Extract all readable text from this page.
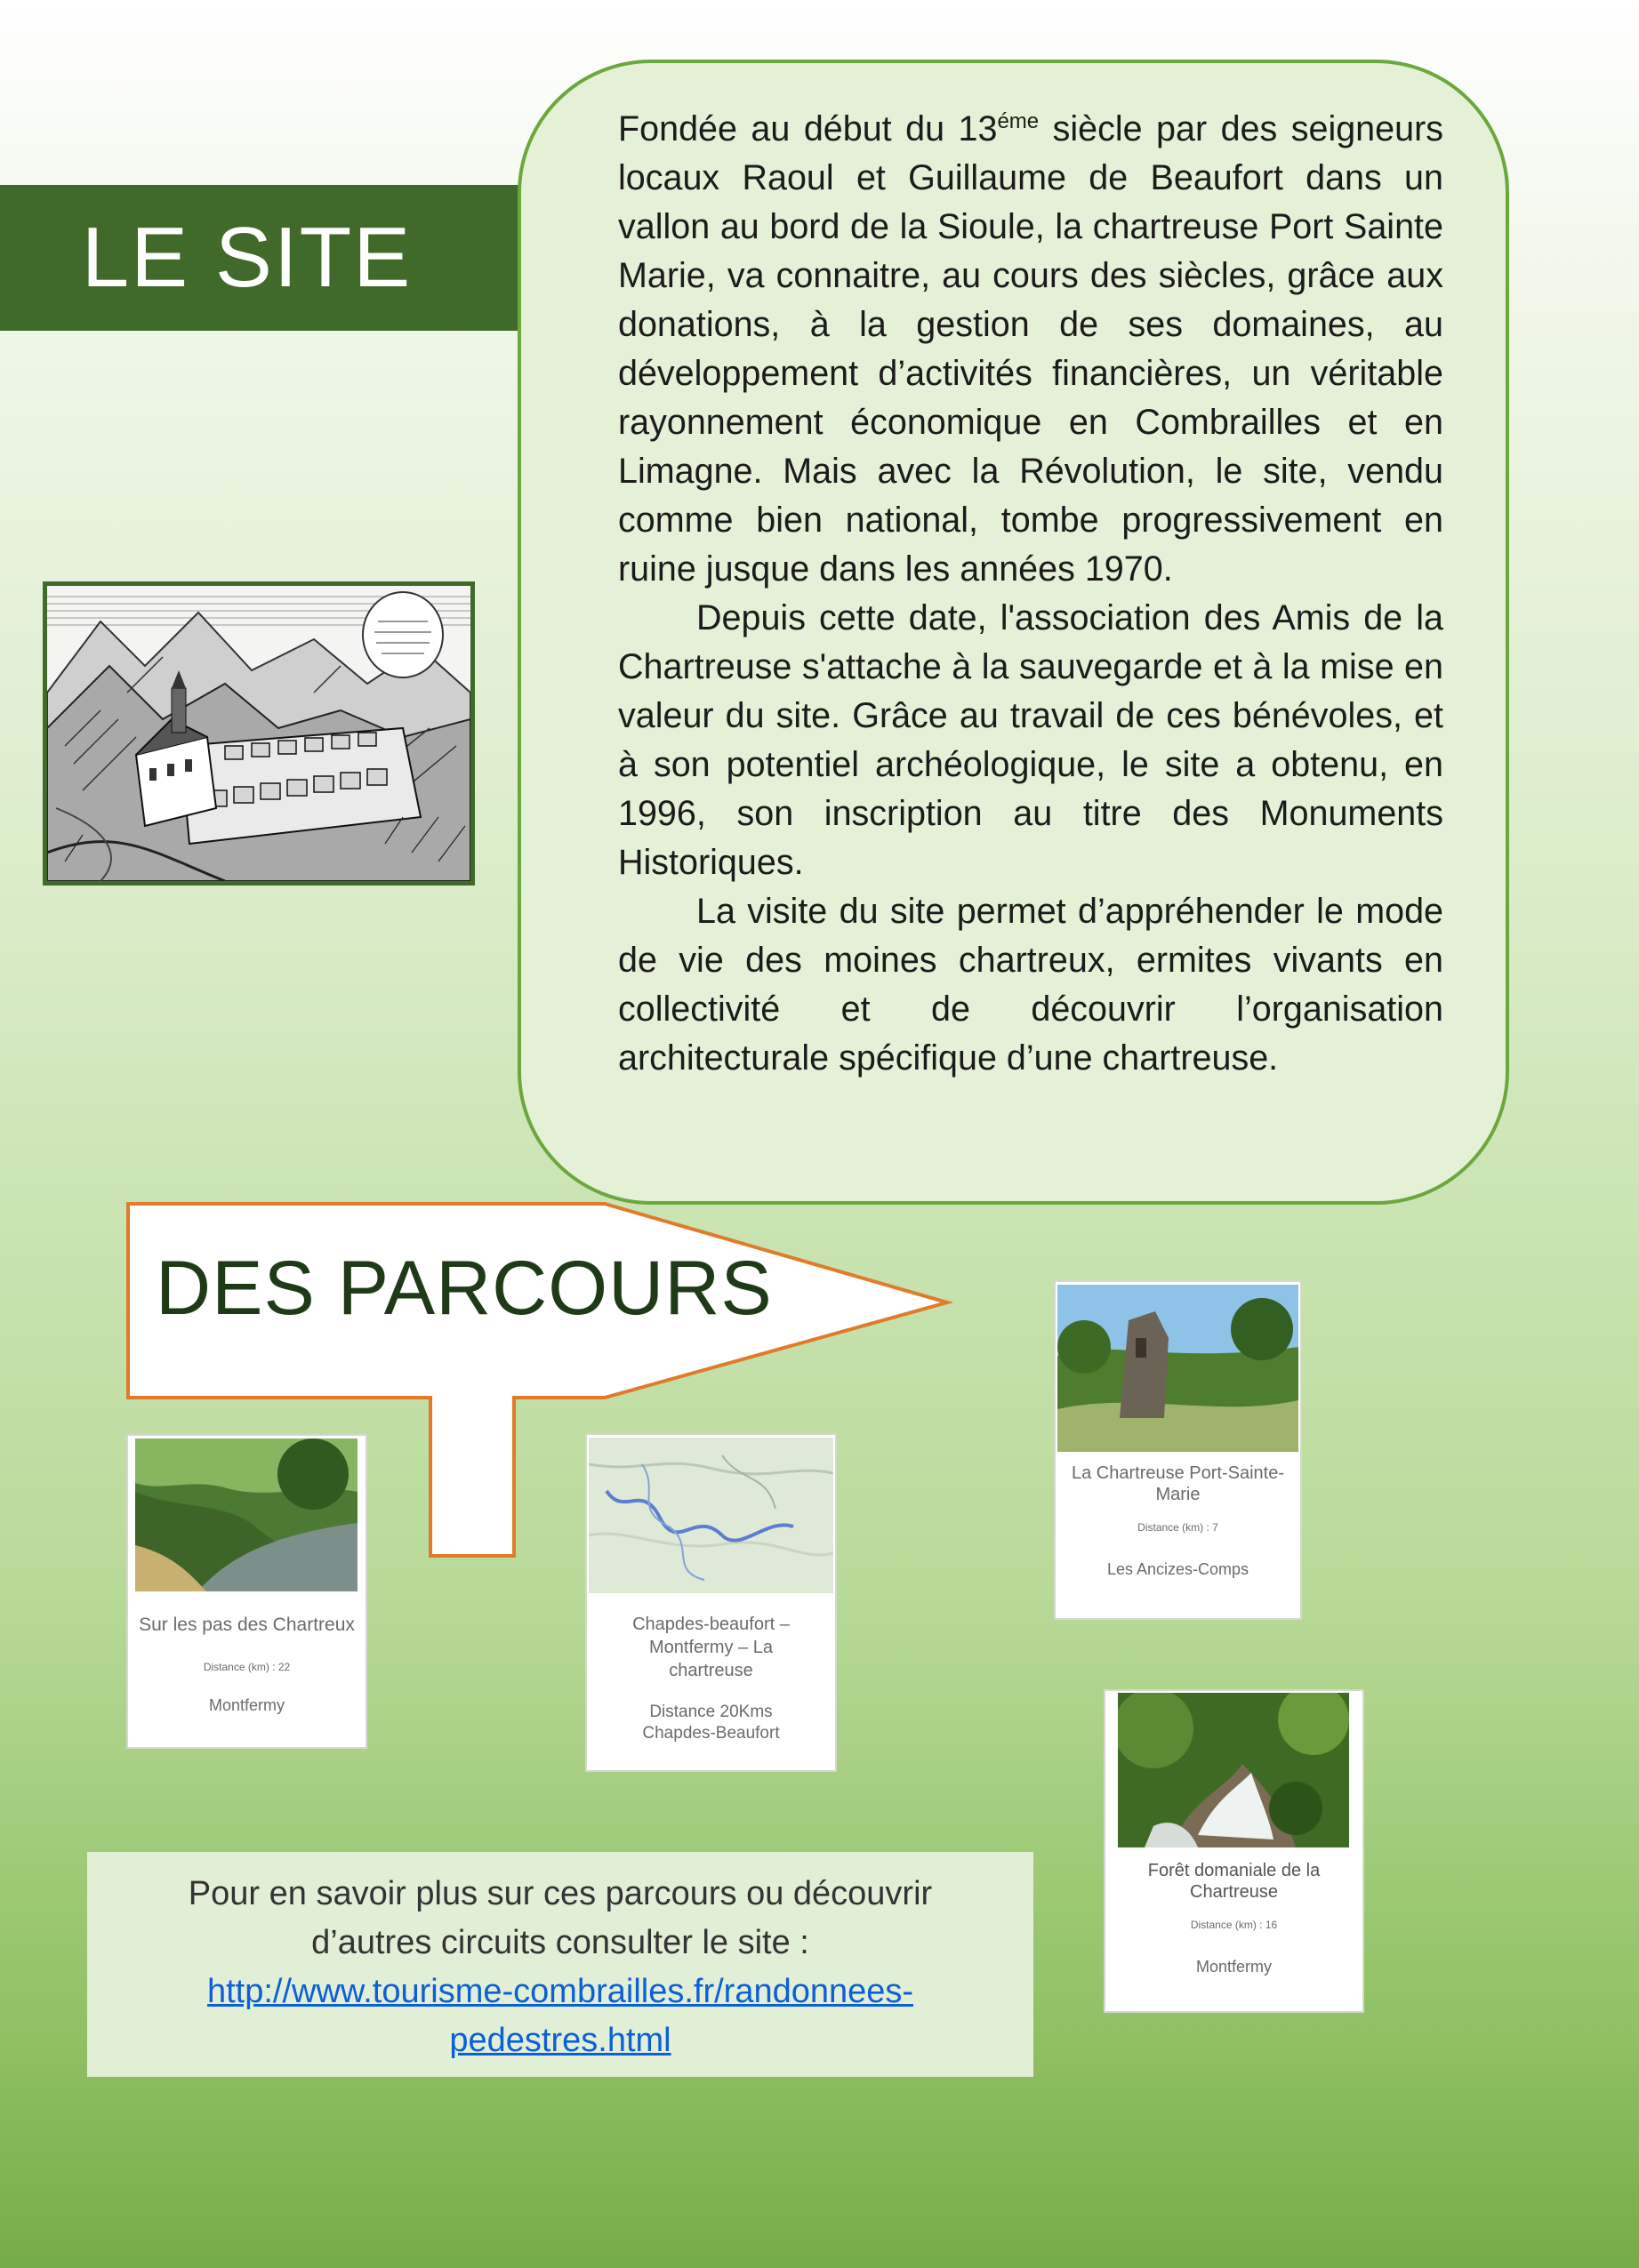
LE SITE

Fondée au début du $13^{éme}$ siècle par des seigneurs locaux Raoul et Guillaume de Beaufort dans un vallon au bord de la Sioule, la chartreuse Port Sainte Marie, va connaitre, au cours des siècles, grâce aux donations, à la gestion de ses domaines, au développement d’activités financières, un véritable rayonnement économique en Combrailles et en Limagne. Mais avec la Révolution, le site, vendu comme bien national, tombe progressivement en ruine jusque dans les années 1970.

Depuis cette date, l'association des Amis de la Chartreuse s'attache à la sauvegarde et à la mise en valeur du site. Grâce au travail de ces bénévoles, et à son potentiel archéologique, le site a obtenu, en 1996, son inscription au titre des Monuments Historiques.

La visite du site permet d’appréhender le mode de vie des moines chartreux, ermites vivants en collectivité et de découvrir l’organisation architecturale spécifique d’une chartreuse.

DES PARCOURS
Sur les pas des Chartreux
Distance (km) : 22
Montfermy
Chapdes-beaufort – Montfermy – La chartreuse
Distance 20Kms
Chapdes-Beaufort
La Chartreuse Port-Sainte-Marie
Distance (km) : 7
Les Ancizes-Comps
Forêt domaniale de la Chartreuse
Distance (km) : 16
Montfermy
Pour en savoir plus sur ces parcours ou découvrir
d’autres circuits consulter le site :
http://www.tourisme-combrailles.fr/randonnees-
pedestres.html
